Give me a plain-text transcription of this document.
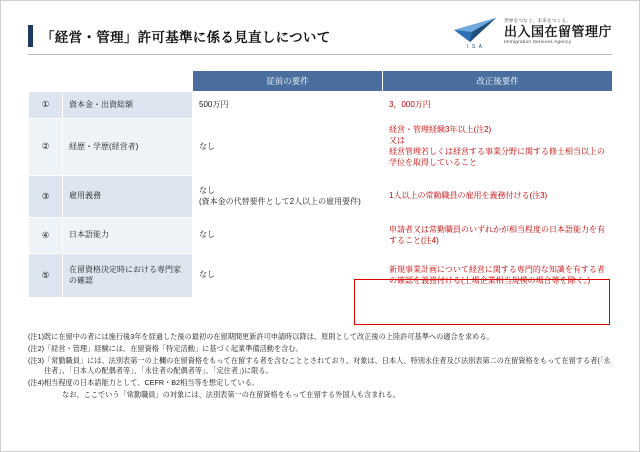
「経営・管理」許可基準に係る見直しについて
I S A
世界をつなぐ。未来をつくる。
出入国在留管理庁
Immigration Services Agency
		従前の要件	改正後要件
①	資本金・出資総額	500万円	3，000万円
②	経歴・学歴(経営者)	なし	経営・管理経験3年以上(注2)
又は
経営管理若しくは経営する事業分野に関する修士相当以上の学位を取得していること
③	雇用義務	なし
(資本金の代替要件として2人以上の雇用要件)	1人以上の常勤職員の雇用を義務付ける(注3)
④	日本語能力	なし	申請者又は常勤職員のいずれかが相当程度の日本語能力を有すること(注4)
⑤	在留資格決定時における専門家の確認	なし	新規事業計画について経営に関する専門的な知識を有する者の確認を義務付ける(上場企業相当規模の場合等を除く。)
(注1) 既に在留中の者には施行後3年を経過した後の最初の在留期間更新許可申請時以降は、原則として改正後の上陸許可基準への適合を求める。
(注2) 「経営・管理」経験には、在留資格「特定活動」に基づく起業準備活動を含む。
(注3) 「常勤職員」には、法別表第一の上欄の在留資格をもって在留する者を含むこととされており、対象は、日本人、特別永住者及び法別表第二の在留資格をもって在留する者(「永住者」、「日本人の配偶者等」、「永住者の配偶者等」、「定住者」)に限る。
(注4) 相当程度の日本語能力として、CEFR・B2相当等を想定している。
なお、ここでいう「常勤職員」の対象には、法別表第一の在留資格をもって在留する外国人も含まれる。
